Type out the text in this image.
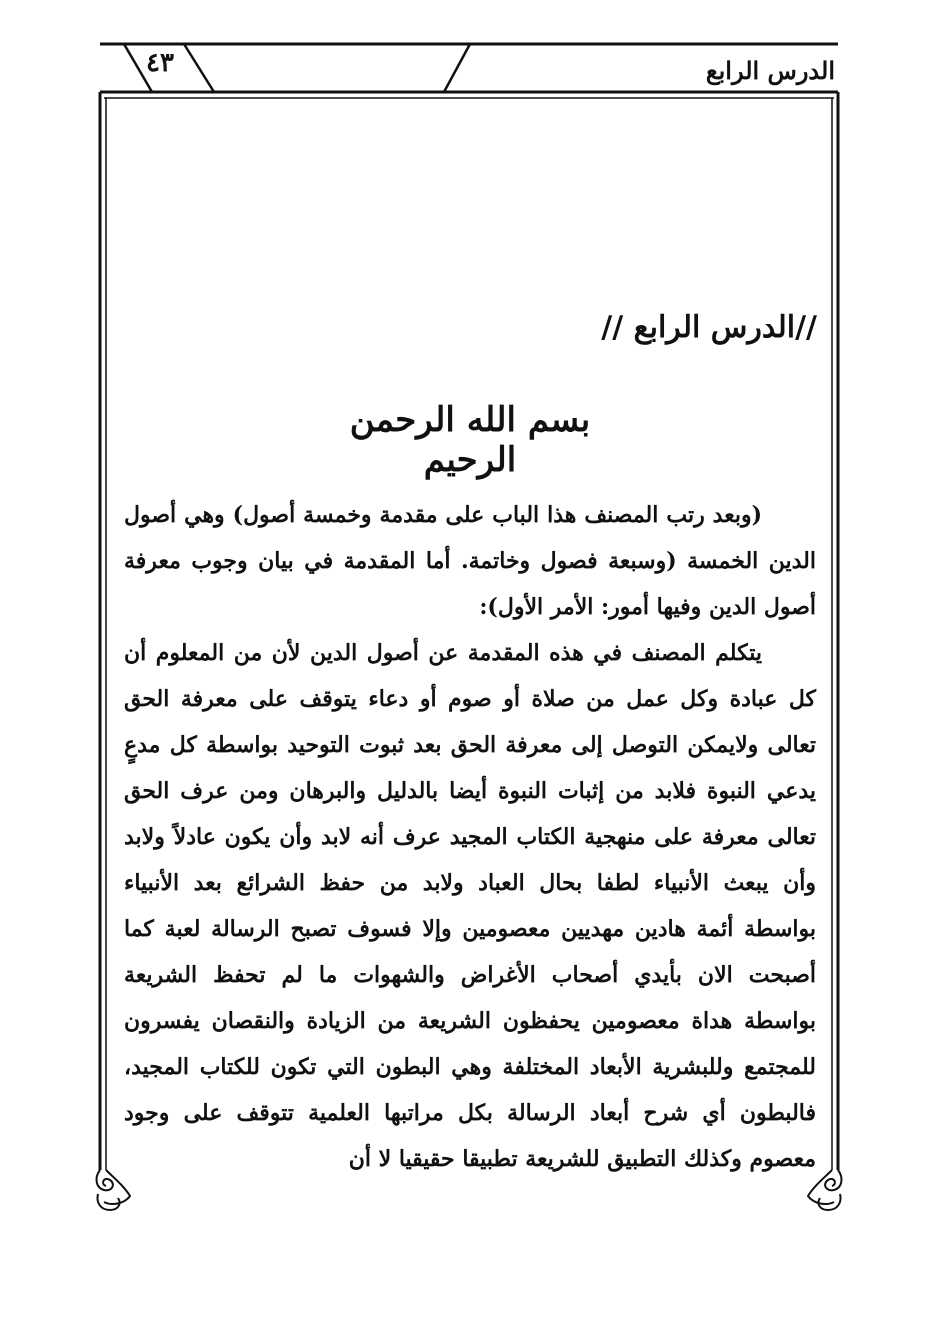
٤٣	الدرس الرابع
//الدرس الرابع //
بسم الله الرحمن الرحيم

(وبعد رتب المصنف هذا الباب على مقدمة وخمسة أصول) وهي أصول الدين الخمسة (وسبعة فصول وخاتمة. أما المقدمة في بيان وجوب معرفة أصول الدين وفيها أمور: الأمر الأول):

يتكلم المصنف في هذه المقدمة عن أصول الدين لأن من المعلوم أن كل عبادة وكل عمل من صلاة أو صوم أو دعاء يتوقف على معرفة الحق تعالى ولايمكن التوصل إلى معرفة الحق بعد ثبوت التوحيد بواسطة كل مدعٍ يدعي النبوة فلابد من إثبات النبوة أيضا بالدليل والبرهان ومن عرف الحق تعالى معرفة على منهجية الكتاب المجيد عرف أنه لابد وأن يكون عادلاً ولابد وأن يبعث الأنبياء لطفا بحال العباد ولابد من حفظ الشرائع بعد الأنبياء بواسطة أئمة هادين مهديين معصومين وإلا فسوف تصبح الرسالة لعبة كما أصبحت الان بأيدي أصحاب الأغراض والشهوات ما لم تحفظ الشريعة بواسطة هداة معصومين يحفظون الشريعة من الزيادة والنقصان يفسرون للمجتمع وللبشرية الأبعاد المختلفة وهي البطون التي تكون للكتاب المجيد، فالبطون أي شرح أبعاد الرسالة بكل مراتبها العلمية تتوقف على وجود معصوم وكذلك التطبيق للشريعة تطبيقا حقيقيا لا أن
